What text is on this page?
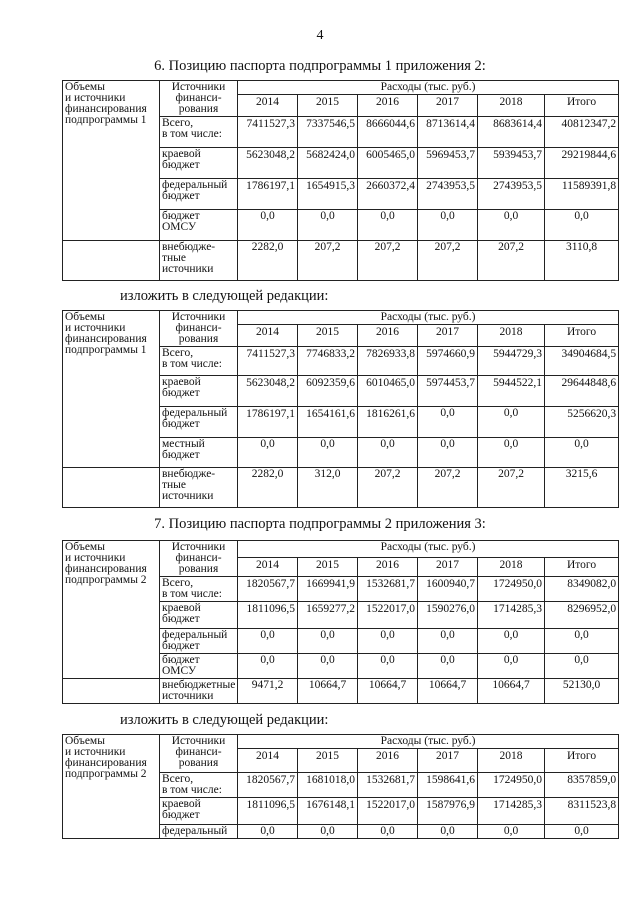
4
6. Позицию паспорта подпрограммы 1 приложения 2:
Объемы
и источники
финансирования
подпрограммы 1	Источники
финанси-
рования	Расходы (тыс. руб.)					
		2014	2015	2016	2017	2018	Итого
	Всего,
в том числе:	7411527,3	7337546,5	8666044,6	8713614,4	8683614,4	40812347,2
	краевой
бюджет	5623048,2	5682424,0	6005465,0	5969453,7	5939453,7	29219844,6
	федеральный
бюджет	1786197,1	1654915,3	2660372,4	2743953,5	2743953,5	11589391,8
	бюджет
ОМСУ	0,0	0,0	0,0	0,0	0,0	0,0
	внебюдже-
тные
источники	2282,0	207,2	207,2	207,2	207,2	3110,8
изложить в следующей редакции:
Объемы
и источники
финансирования
подпрограммы 1	Источники
финанси-
рования	Расходы (тыс. руб.)					
		2014	2015	2016	2017	2018	Итого
	Всего,
в том числе:	7411527,3	7746833,2	7826933,8	5974660,9	5944729,3	34904684,5
	краевой
бюджет	5623048,2	6092359,6	6010465,0	5974453,7	5944522,1	29644848,6
	федеральный
бюджет	1786197,1	1654161,6	1816261,6	0,0	0,0	5256620,3
	местный
бюджет	0,0	0,0	0,0	0,0	0,0	0,0
	внебюдже-
тные
источники	2282,0	312,0	207,2	207,2	207,2	3215,6
7. Позицию паспорта подпрограммы 2 приложения 3:
Объемы
и источники
финансирования
подпрограммы 2	Источники
финанси-
рования	Расходы (тыс. руб.)					
		2014	2015	2016	2017	2018	Итого
	Всего,
в том числе:	1820567,7	1669941,9	1532681,7	1600940,7	1724950,0	8349082,0
	краевой
бюджет	1811096,5	1659277,2	1522017,0	1590276,0	1714285,3	8296952,0
	федеральный
бюджет	0,0	0,0	0,0	0,0	0,0	0,0
	бюджет
ОМСУ	0,0	0,0	0,0	0,0	0,0	0,0
	внебюджетные
источники	9471,2	10664,7	10664,7	10664,7	10664,7	52130,0
изложить в следующей редакции:
Объемы
и источники
финансирования
подпрограммы 2	Источники
финанси-
рования	Расходы (тыс. руб.)					
		2014	2015	2016	2017	2018	Итого
	Всего,
в том числе:	1820567,7	1681018,0	1532681,7	1598641,6	1724950,0	8357859,0
	краевой
бюджет	1811096,5	1676148,1	1522017,0	1587976,9	1714285,3	8311523,8
	федеральный	0,0	0,0	0,0	0,0	0,0	0,0
